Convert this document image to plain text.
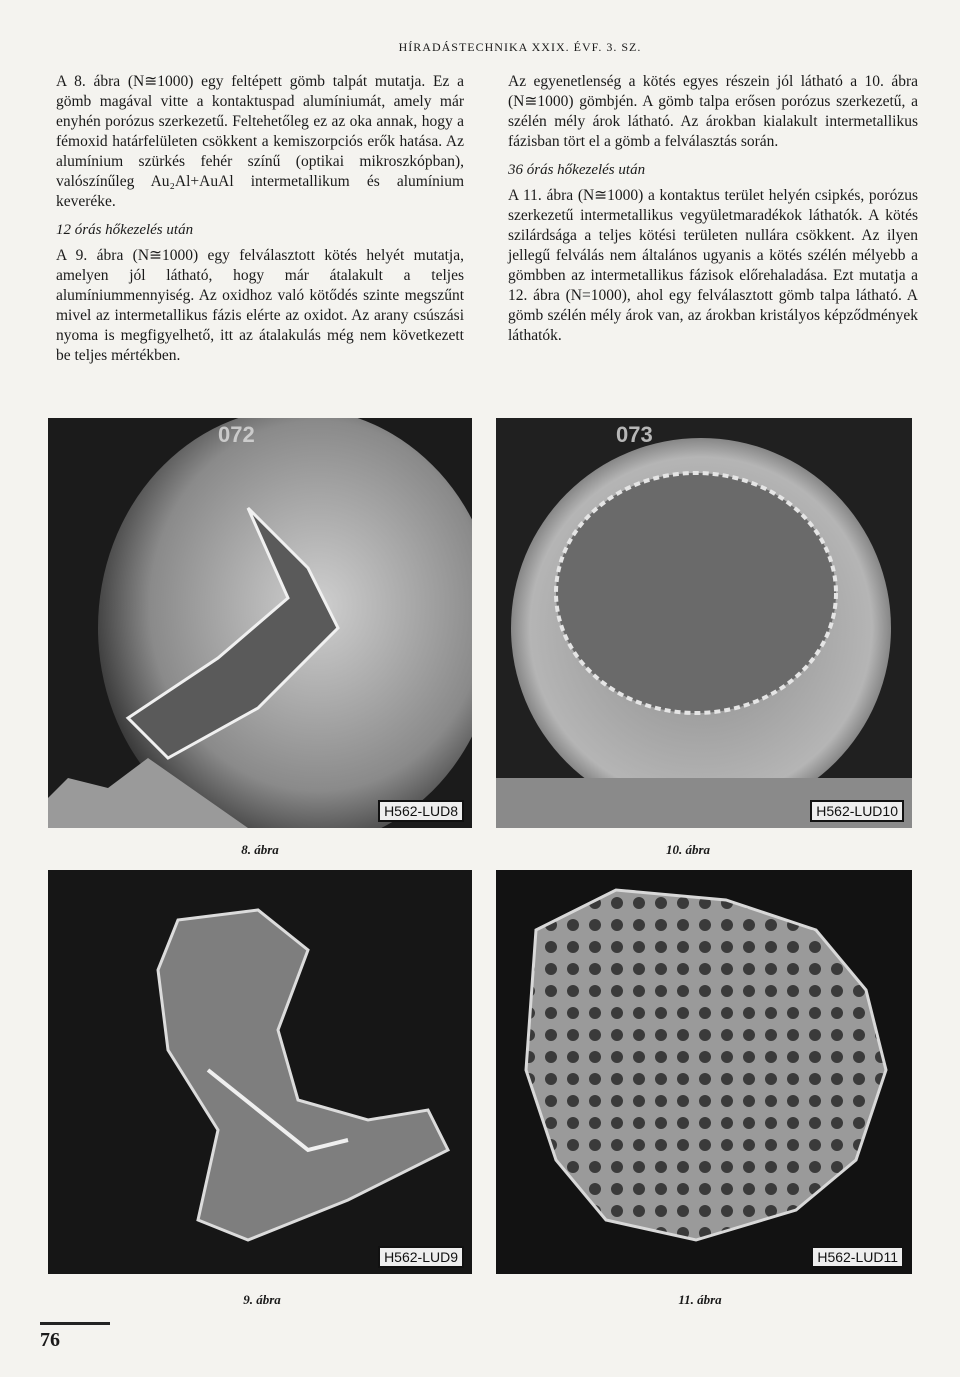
HÍRADÁSTECHNIKA XXIX. ÉVF. 3. SZ.

A 8. ábra (N≅1000) egy feltépett gömb talpát mutatja. Ez a gömb magával vitte a kontaktuspad alumíniumát, amely már enyhén porózus szerkezetű. Feltehetőleg ez az oka annak, hogy a fémoxid határfelületen csökkent a kemiszorpciós erők hatása. Az alumínium szürkés fehér színű (optikai mikroszkópban), valószínűleg Au₂Al+AuAl intermetallikum és alumínium keveréke.

12 órás hőkezelés után

A 9. ábra (N≅1000) egy felválasztott kötés helyét mutatja, amelyen jól látható, hogy már átalakult a teljes alumíniummennyiség. Az oxidhoz való kötődés szinte megszűnt mivel az intermetallikus fázis elérte az oxidot. Az arany csúszási nyoma is megfigyelhető, itt az átalakulás még nem következett be teljes mértékben.

Az egyenetlenség a kötés egyes részein jól látható a 10. ábra (N≅1000) gömbjén. A gömb talpa erősen porózus szerkezetű, a szélén mély árok látható. Az árokban kialakult intermetallikus fázisban tört el a gömb a felválasztás során.

36 órás hőkezelés után

A 11. ábra (N≅1000) a kontaktus terület helyén csipkés, porózus szerkezetű intermetallikus vegyületmaradékok láthatók. A kötés szilárdsága a teljes kötési területen nullára csökkent. Az ilyen jellegű felválás nem általános ugyanis a kötés szélén mélyebb a gömbben az intermetallikus fázisok előrehaladása. Ezt mutatja a 12. ábra (N=1000), ahol egy felválasztott gömb talpa látható. A gömb szélén mély árok van, az árokban kristályos képződmények láthatók.

072
H562-LUD8
8. ábra
073
H562-LUD10
10. ábra
H562-LUD9
9. ábra
H562-LUD11
11. ábra
76
